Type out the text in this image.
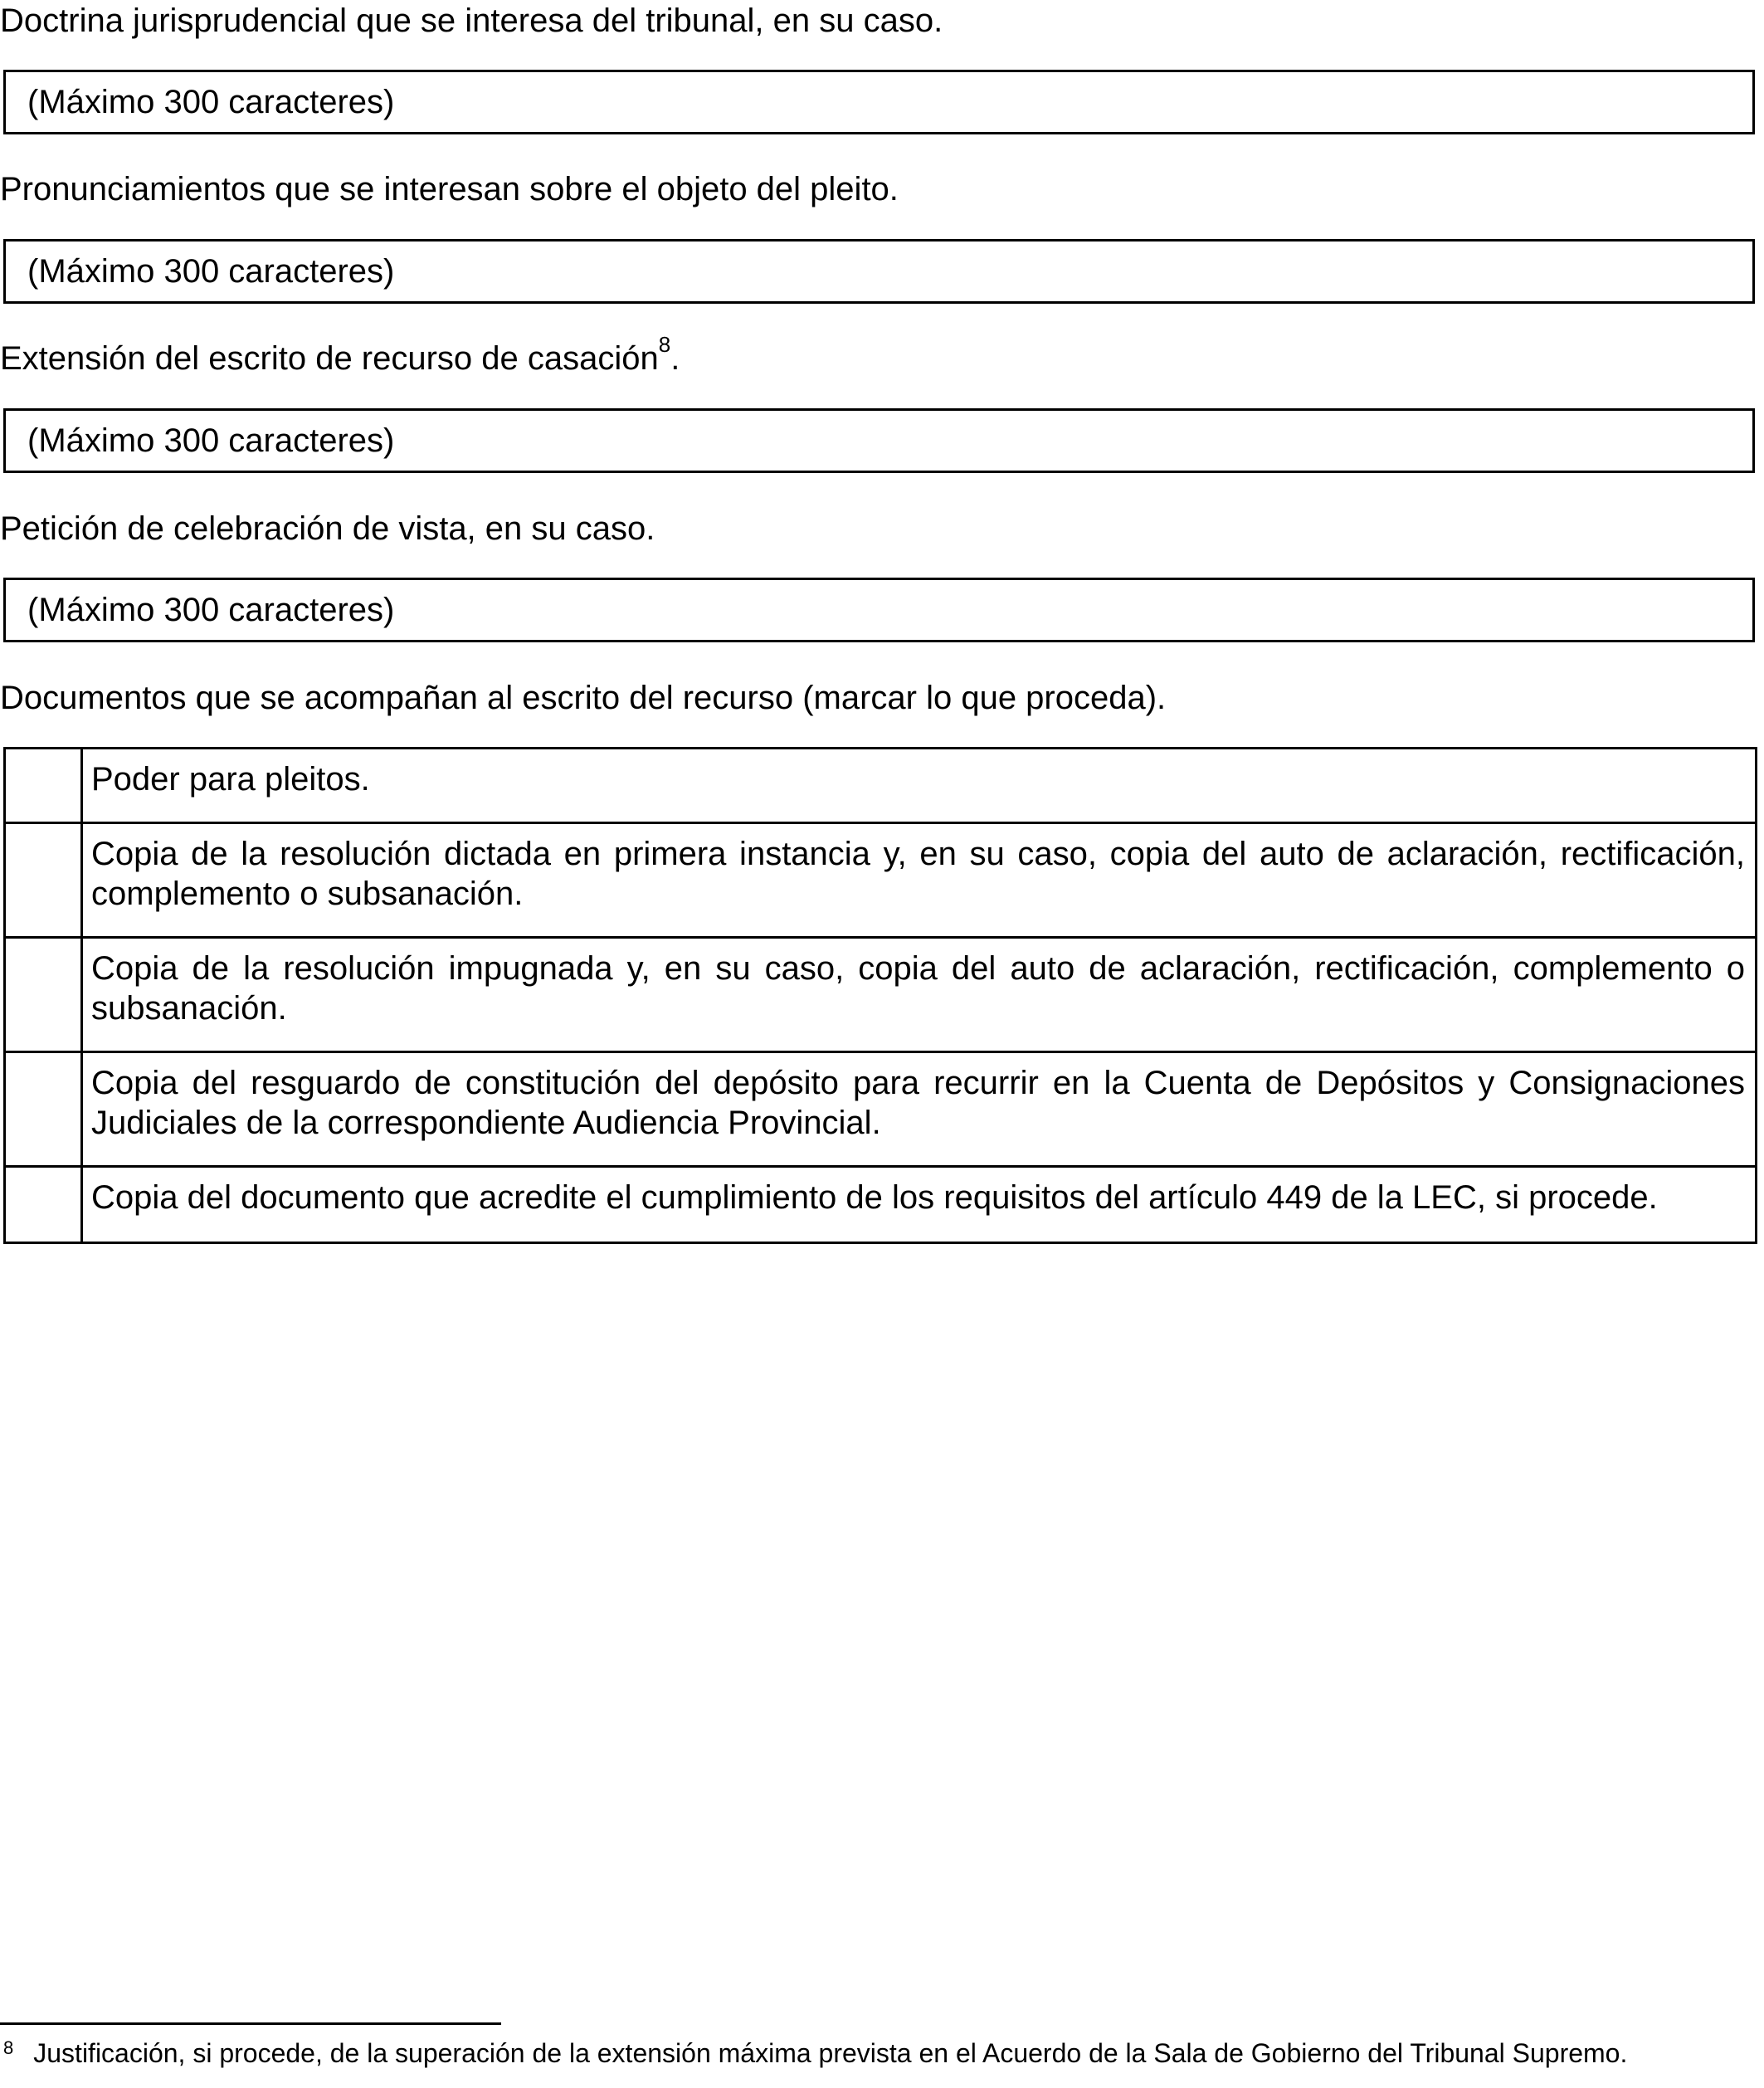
Doctrina jurisprudencial que se interesa del tribunal, en su caso.
(Máximo 300 caracteres)
Pronunciamientos que se interesan sobre el objeto del pleito.
(Máximo 300 caracteres)
Extensión del escrito de recurso de casación$^8$.
(Máximo 300 caracteres)
Petición de celebración de vista, en su caso.
(Máximo 300 caracteres)
Documentos que se acompañan al escrito del recurso (marcar lo que proceda).
	Poder para pleitos.
	Copia de la resolución dictada en primera instancia y, en su caso, copia del auto de aclaración, rectificación, complemento o subsanación.
	Copia de la resolución impugnada y, en su caso, copia del auto de aclaración, rectificación, complemento o subsanación.
	Copia del resguardo de constitución del depósito para recurrir en la Cuenta de Depósitos y Consignaciones Judiciales de la correspondiente Audiencia Provincial.
	Copia del documento que acredite el cumplimiento de los requisitos del artículo 449 de la LEC, si procede.
$^8$ Justificación, si procede, de la superación de la extensión máxima prevista en el Acuerdo de la Sala de Gobierno del Tribunal Supremo.
